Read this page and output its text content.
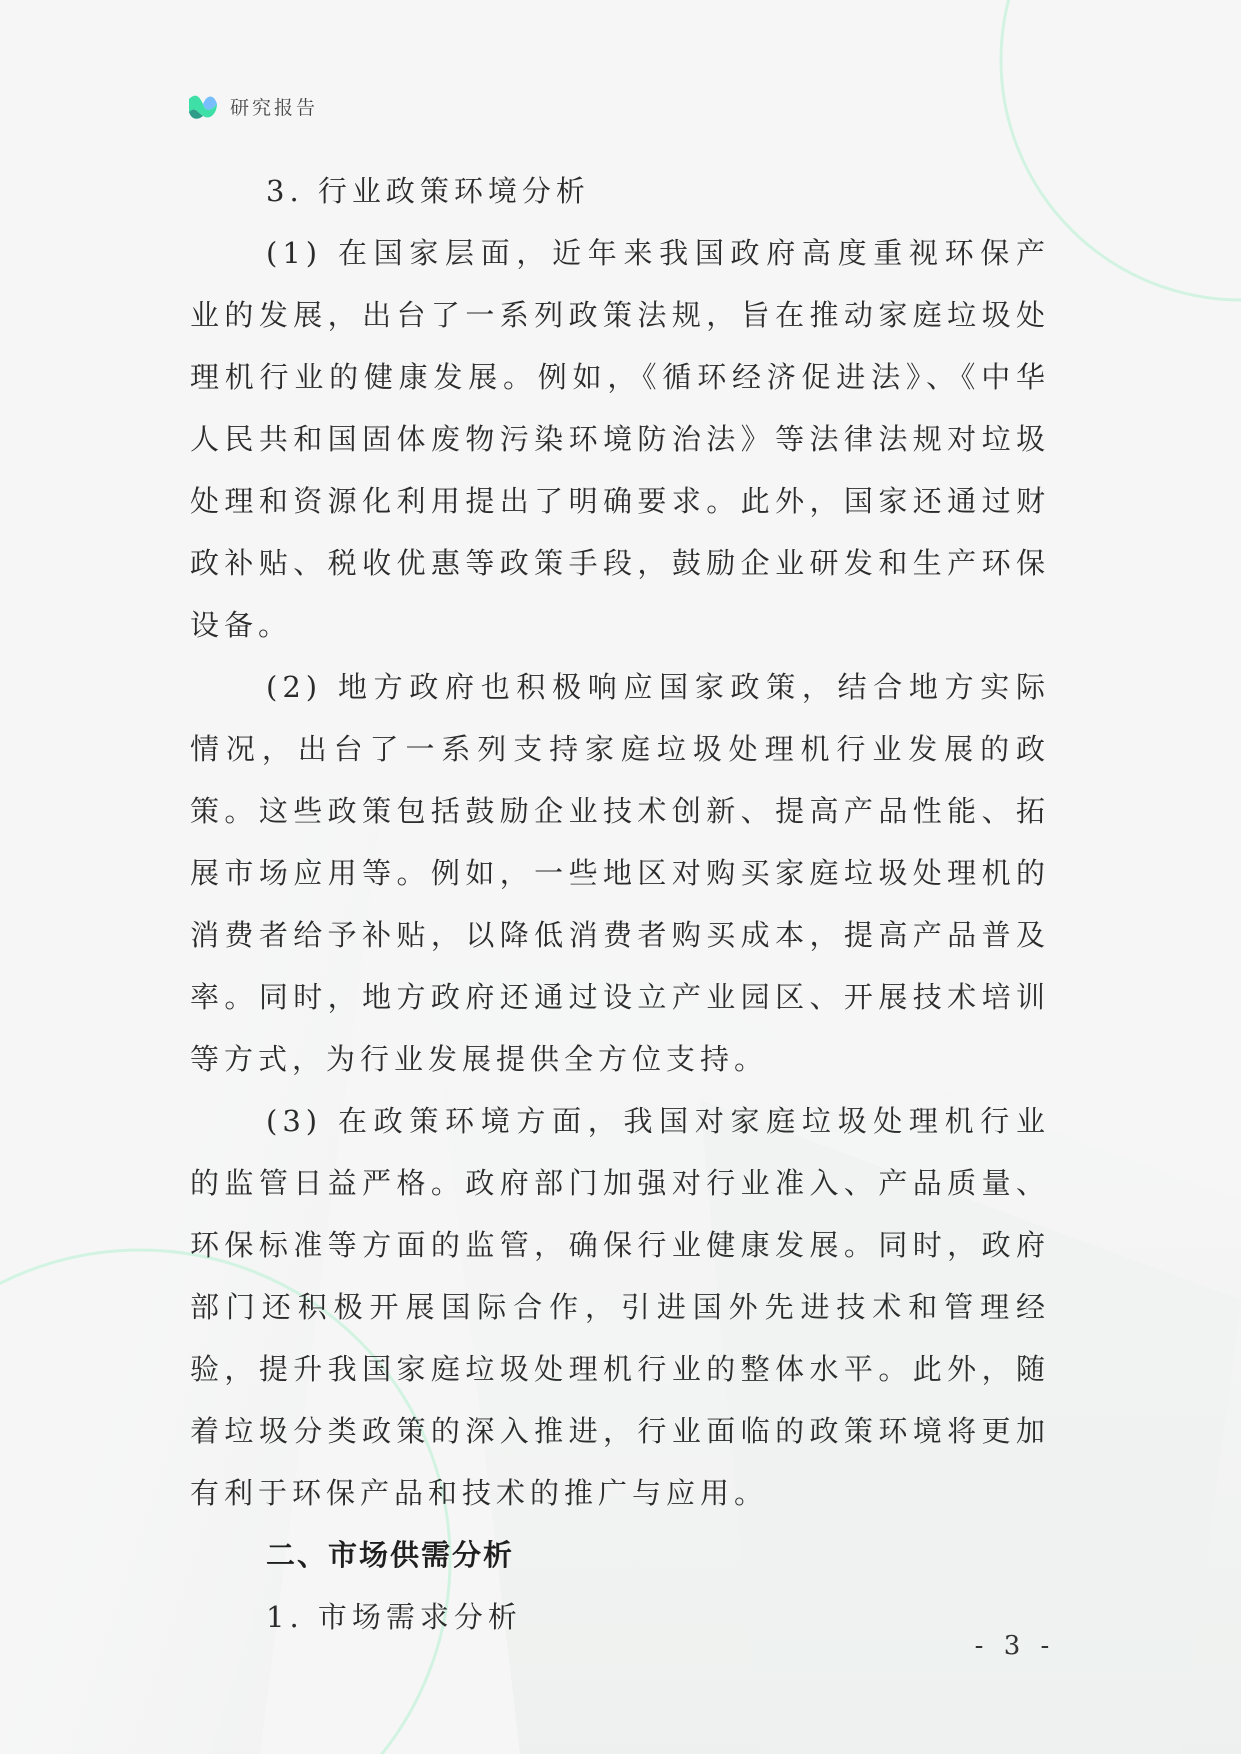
研究报告

3. 行业政策环境分析

(1) 在国家层面，近年来我国政府高度重视环保产业的发展，出台了一系列政策法规，旨在推动家庭垃圾处理机行业的健康发展。例如，《循环经济促进法》、《中华人民共和国固体废物污染环境防治法》等法律法规对垃圾处理和资源化利用提出了明确要求。此外，国家还通过财政补贴、税收优惠等政策手段，鼓励企业研发和生产环保设备。

(2) 地方政府也积极响应国家政策，结合地方实际情况，出台了一系列支持家庭垃圾处理机行业发展的政策。这些政策包括鼓励企业技术创新、提高产品性能、拓展市场应用等。例如，一些地区对购买家庭垃圾处理机的消费者给予补贴，以降低消费者购买成本，提高产品普及率。同时，地方政府还通过设立产业园区、开展技术培训等方式，为行业发展提供全方位支持。

(3) 在政策环境方面，我国对家庭垃圾处理机行业的监管日益严格。政府部门加强对行业准入、产品质量、环保标准等方面的监管，确保行业健康发展。同时，政府部门还积极开展国际合作，引进国外先进技术和管理经验，提升我国家庭垃圾处理机行业的整体水平。此外，随着垃圾分类政策的深入推进，行业面临的政策环境将更加有利于环保产品和技术的推广与应用。

二、市场供需分析

1. 市场需求分析

- 3 -
